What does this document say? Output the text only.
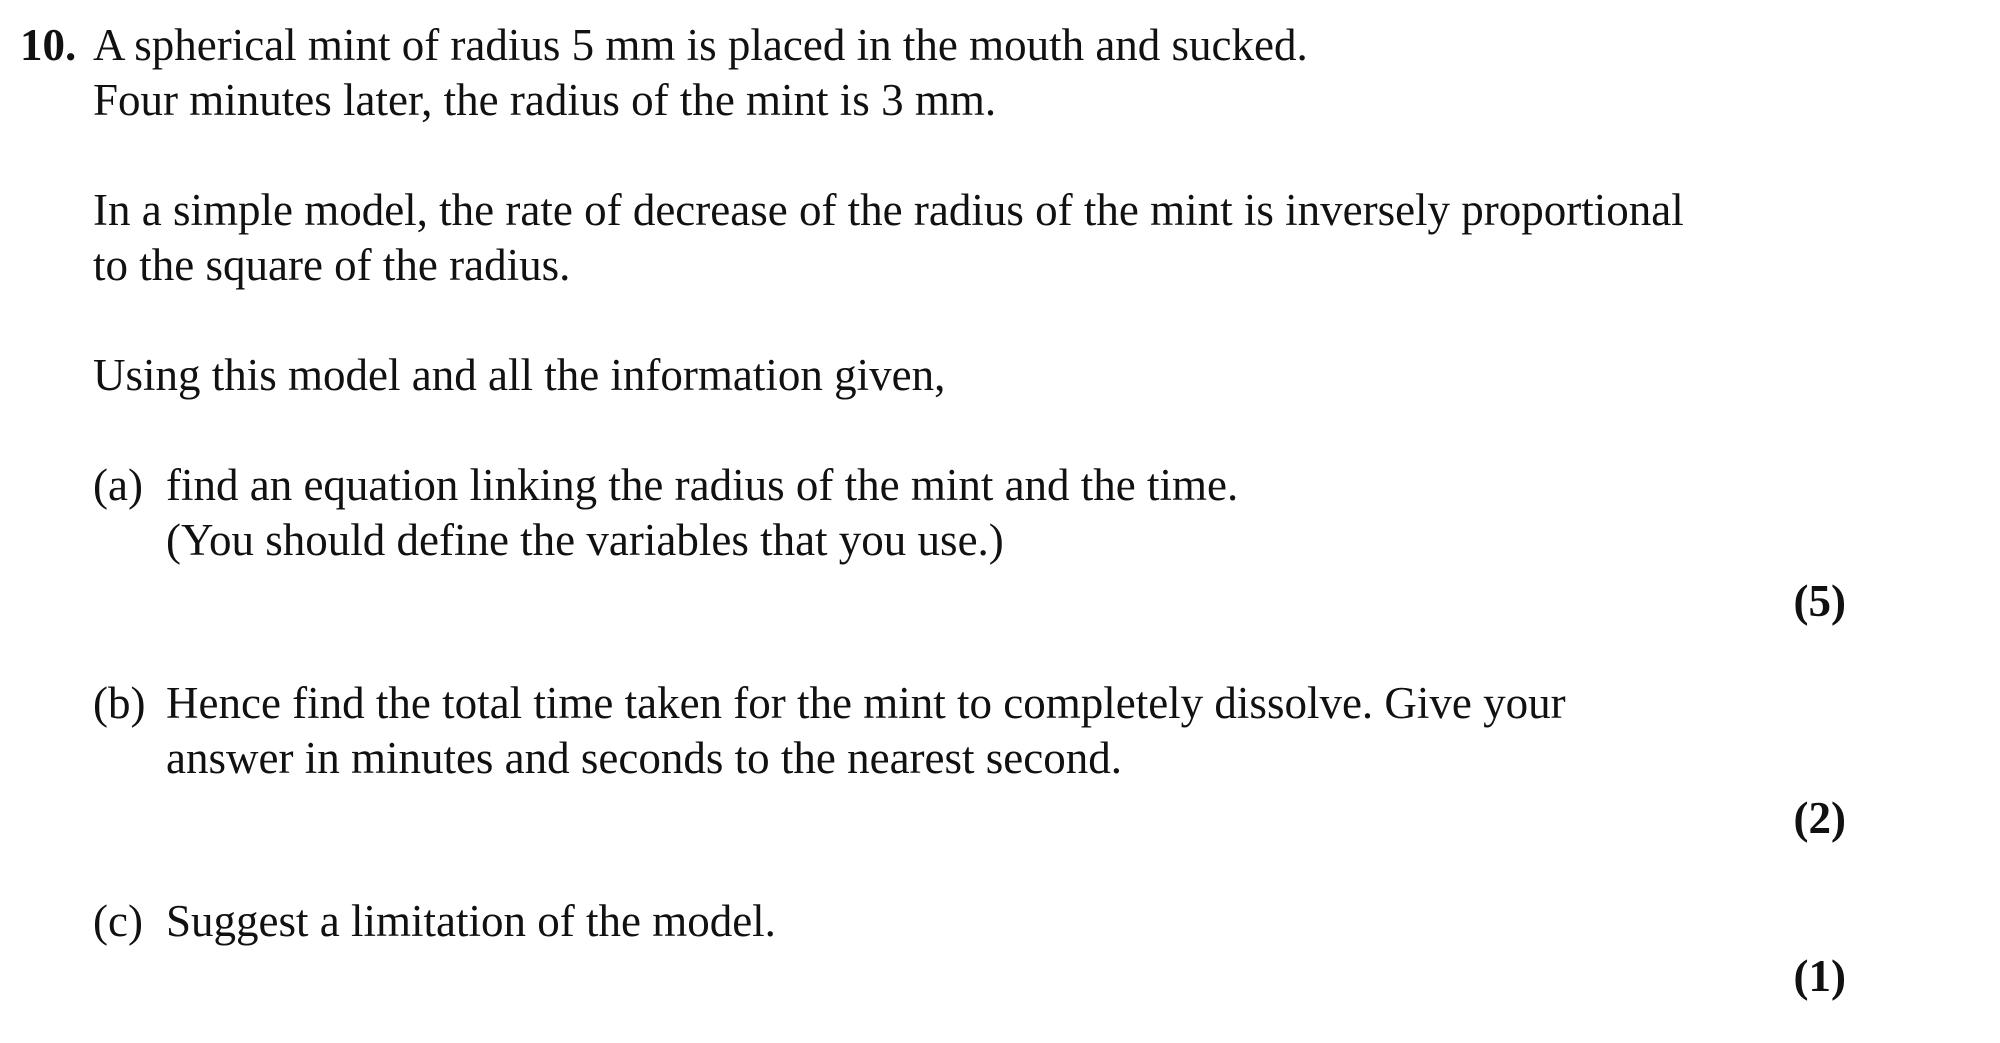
10. A spherical mint of radius 5 mm is placed in the mouth and sucked.
Four minutes later, the radius of the mint is 3 mm.
In a simple model, the rate of decrease of the radius of the mint is inversely proportional
to the square of the radius.
Using this model and all the information given,
(a) find an equation linking the radius of the mint and the time.
(You should define the variables that you use.)
(5)
(b) Hence find the total time taken for the mint to completely dissolve. Give your
answer in minutes and seconds to the nearest second.
(2)
(c) Suggest a limitation of the model.
(1)
